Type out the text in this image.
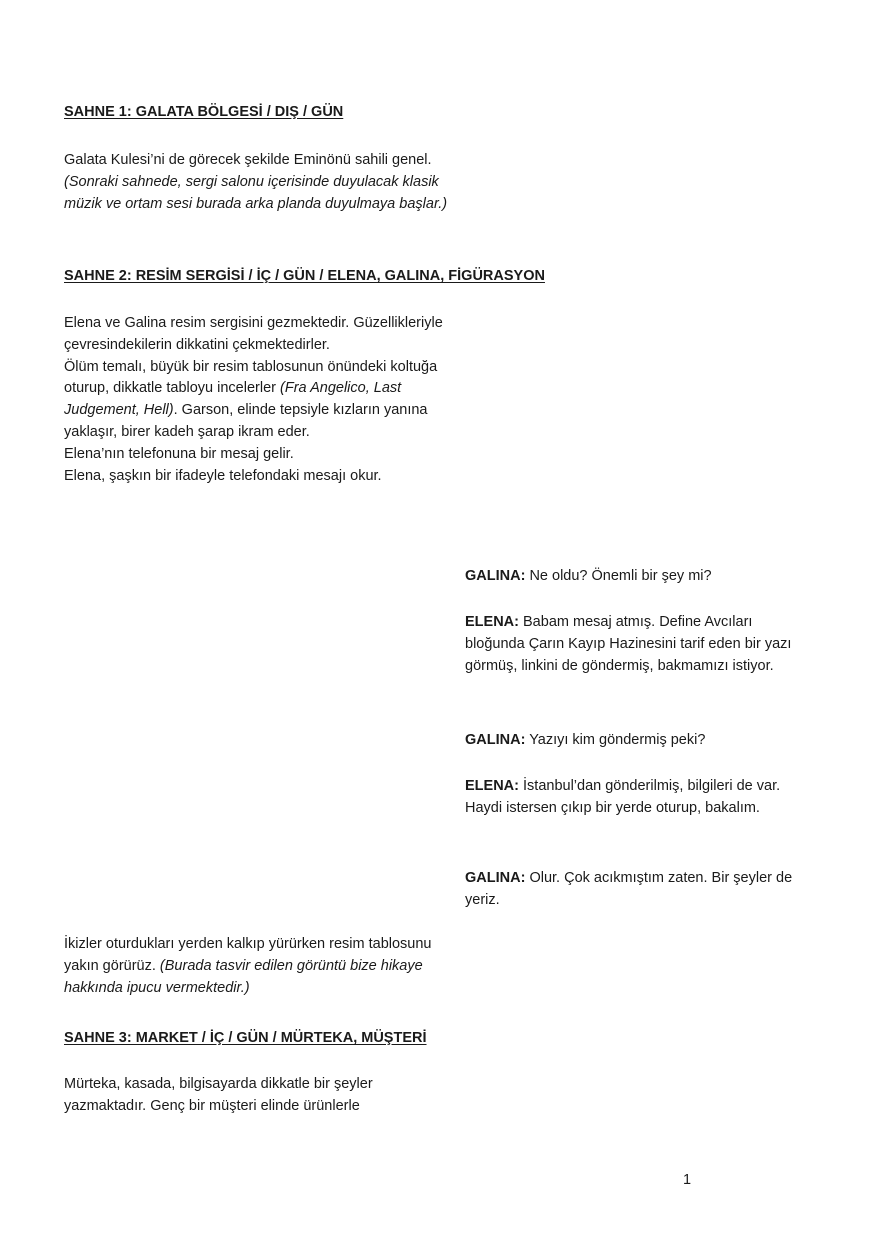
SAHNE 1: GALATA BÖLGESİ / DIŞ / GÜN

Galata Kulesi’ni de görecek şekilde Eminönü sahili genel. (Sonraki sahnede, sergi salonu içerisinde duyulacak klasik müzik ve ortam sesi burada arka planda duyulmaya başlar.)

SAHNE 2: RESİM SERGİSİ / İÇ / GÜN / ELENA, GALINA, FİGÜRASYON

Elena ve Galina resim sergisini gezmektedir. Güzellikleriyle çevresindekilerin dikkatini çekmektedirler.

Ölüm temalı, büyük bir resim tablosunun önündeki koltuğa oturup, dikkatle tabloyu incelerler (Fra Angelico, Last Judgement, Hell). Garson, elinde tepsiyle kızların yanına yaklaşır, birer kadeh şarap ikram eder.

Elena’nın telefonuna bir mesaj gelir.

Elena, şaşkın bir ifadeyle telefondaki mesajı okur.

GALINA: Ne oldu? Önemli bir şey mi?
ELENA: Babam mesaj atmış. Define Avcıları bloğunda Çarın Kayıp Hazinesini tarif eden bir yazı görmüş, linkini de göndermiş, bakmamızı istiyor.
GALINA: Yazıyı kim göndermiş peki?
ELENA: İstanbul’dan gönderilmiş, bilgileri de var. Haydi istersen çıkıp bir yerde oturup, bakalım.
GALINA: Olur. Çok acıkmıştım zaten. Bir şeyler de yeriz.

İkizler oturdukları yerden kalkıp yürürken resim tablosunu yakın görürüz. (Burada tasvir edilen görüntü bize hikaye hakkında ipucu vermektedir.)

SAHNE 3: MARKET / İÇ / GÜN / MÜRTEKA, MÜŞTERİ

Mürteka, kasada, bilgisayarda dikkatle bir şeyler yazmaktadır. Genç bir müşteri elinde ürünlerle

1
